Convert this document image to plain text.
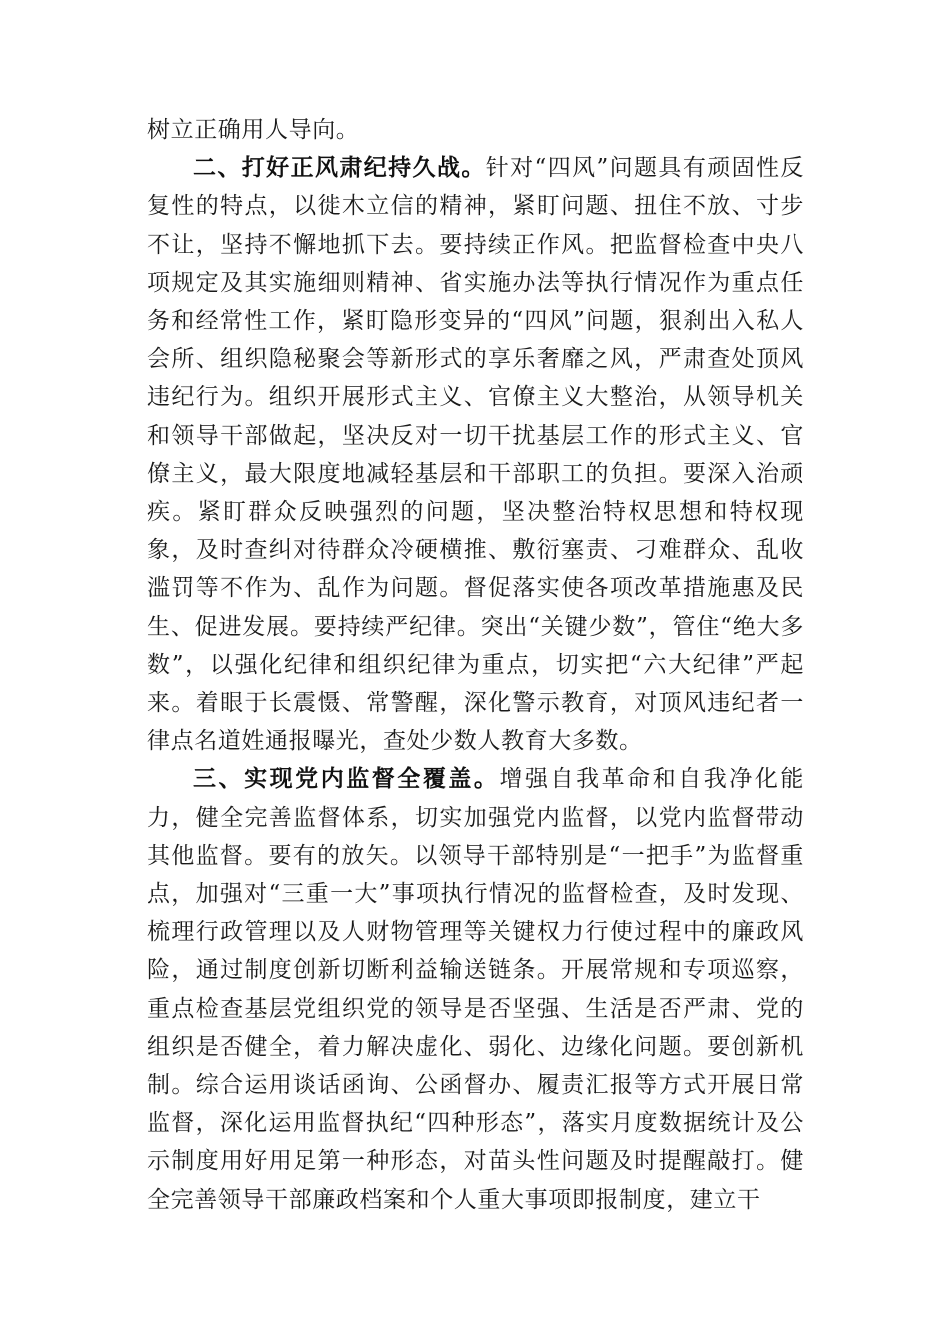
树立正确用人导向。

二、打好正风肃纪持久战。针对“四风”问题具有顽固性反复性的特点，以徙木立信的精神，紧盯问题、扭住不放、寸步不让，坚持不懈地抓下去。要持续正作风。把监督检查中央八项规定及其实施细则精神、省实施办法等执行情况作为重点任务和经常性工作，紧盯隐形变异的“四风”问题，狠刹出入私人会所、组织隐秘聚会等新形式的享乐奢靡之风，严肃查处顶风违纪行为。组织开展形式主义、官僚主义大整治，从领导机关和领导干部做起，坚决反对一切干扰基层工作的形式主义、官僚主义，最大限度地减轻基层和干部职工的负担。要深入治顽疾。紧盯群众反映强烈的问题，坚决整治特权思想和特权现象，及时查纠对待群众冷硬横推、敷衍塞责、刁难群众、乱收滥罚等不作为、乱作为问题。督促落实使各项改革措施惠及民生、促进发展。要持续严纪律。突出“关键少数”，管住“绝大多数”，以强化纪律和组织纪律为重点，切实把“六大纪律”严起来。着眼于长震慑、常警醒，深化警示教育，对顶风违纪者一律点名道姓通报曝光，查处少数人教育大多数。

三、实现党内监督全覆盖。增强自我革命和自我净化能力，健全完善监督体系，切实加强党内监督，以党内监督带动其他监督。要有的放矢。以领导干部特别是“一把手”为监督重点，加强对“三重一大”事项执行情况的监督检查，及时发现、梳理行政管理以及人财物管理等关键权力行使过程中的廉政风险，通过制度创新切断利益输送链条。开展常规和专项巡察，重点检查基层党组织党的领导是否坚强、生活是否严肃、党的组织是否健全，着力解决虚化、弱化、边缘化问题。要创新机制。综合运用谈话函询、公函督办、履责汇报等方式开展日常监督，深化运用监督执纪“四种形态”，落实月度数据统计及公示制度用好用足第一种形态，对苗头性问题及时提醒敲打。健全完善领导干部廉政档案和个人重大事项即报制度，建立干
